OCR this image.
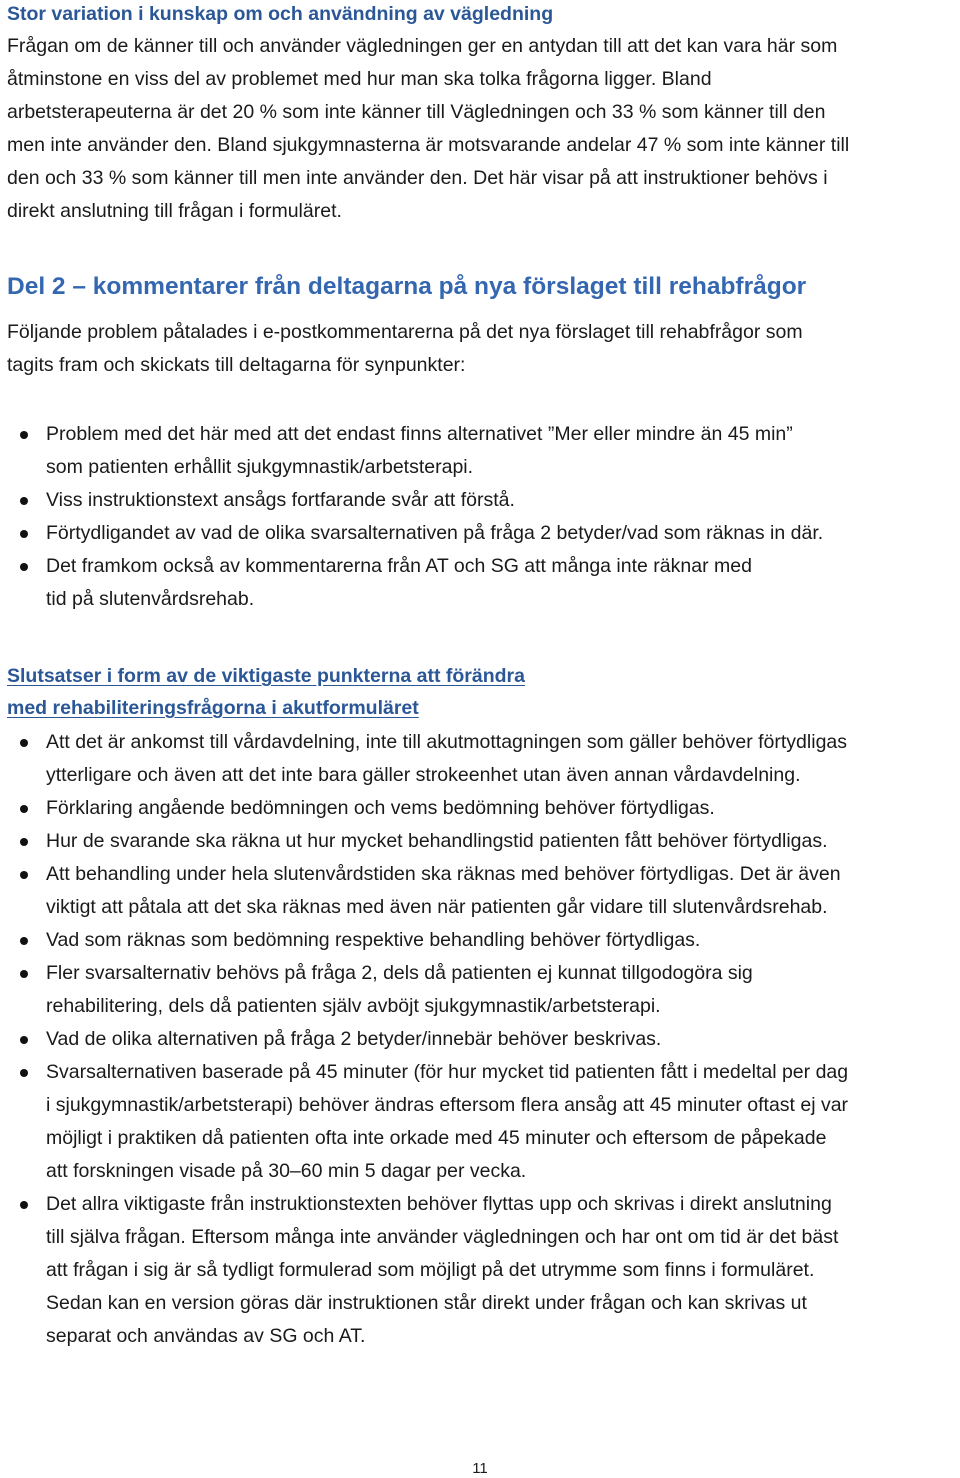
Stor variation i kunskap om och användning av vägledning
Frågan om de känner till och använder vägledningen ger en antydan till att det kan vara här som
åtminstone en viss del av problemet med hur man ska tolka frågorna ligger. Bland
arbetsterapeuterna är det 20 % som inte känner till Vägledningen och 33 % som känner till den
men inte använder den. Bland sjukgymnasterna är motsvarande andelar 47 % som inte känner till
den och 33 % som känner till men inte använder den. Det här visar på att instruktioner behövs i
direkt anslutning till frågan i formuläret.
Del 2 – kommentarer från deltagarna på nya förslaget till rehabfrågor
Följande problem påtalades i e-postkommentarerna på det nya förslaget till rehabfrågor som
tagits fram och skickats till deltagarna för synpunkter:
Problem med det här med att det endast finns alternativet ”Mer eller mindre än 45 min”
som patienten erhållit sjukgymnastik/arbetsterapi.
Viss instruktionstext ansågs fortfarande svår att förstå.
Förtydligandet av vad de olika svarsalternativen på fråga 2 betyder/vad som räknas in där.
Det framkom också av kommentarerna från AT och SG att många inte räknar med
tid på slutenvårdsrehab.
Slutsatser i form av de viktigaste punkterna att förändra
med rehabiliteringsfrågorna i akutformuläret
Att det är ankomst till vårdavdelning, inte till akutmottagningen som gäller behöver förtydligas
ytterligare och även att det inte bara gäller strokeenhet utan även annan vårdavdelning.
Förklaring angående bedömningen och vems bedömning behöver förtydligas.
Hur de svarande ska räkna ut hur mycket behandlingstid patienten fått behöver förtydligas.
Att behandling under hela slutenvårdstiden ska räknas med behöver förtydligas. Det är även
viktigt att påtala att det ska räknas med även när patienten går vidare till slutenvårdsrehab.
Vad som räknas som bedömning respektive behandling behöver förtydligas.
Fler svarsalternativ behövs på fråga 2, dels då patienten ej kunnat tillgodogöra sig
rehabilitering, dels då patienten själv avböjt sjukgymnastik/arbetsterapi.
Vad de olika alternativen på fråga 2 betyder/innebär behöver beskrivas.
Svarsalternativen baserade på 45 minuter (för hur mycket tid patienten fått i medeltal per dag
i sjukgymnastik/arbetsterapi) behöver ändras eftersom flera ansåg att 45 minuter oftast ej var
möjligt i praktiken då patienten ofta inte orkade med 45 minuter och eftersom de påpekade
att forskningen visade på 30–60 min 5 dagar per vecka.
Det allra viktigaste från instruktionstexten behöver flyttas upp och skrivas i direkt anslutning
till själva frågan. Eftersom många inte använder vägledningen och har ont om tid är det bäst
att frågan i sig är så tydligt formulerad som möjligt på det utrymme som finns i formuläret.
Sedan kan en version göras där instruktionen står direkt under frågan och kan skrivas ut
separat och användas av SG och AT.
11
